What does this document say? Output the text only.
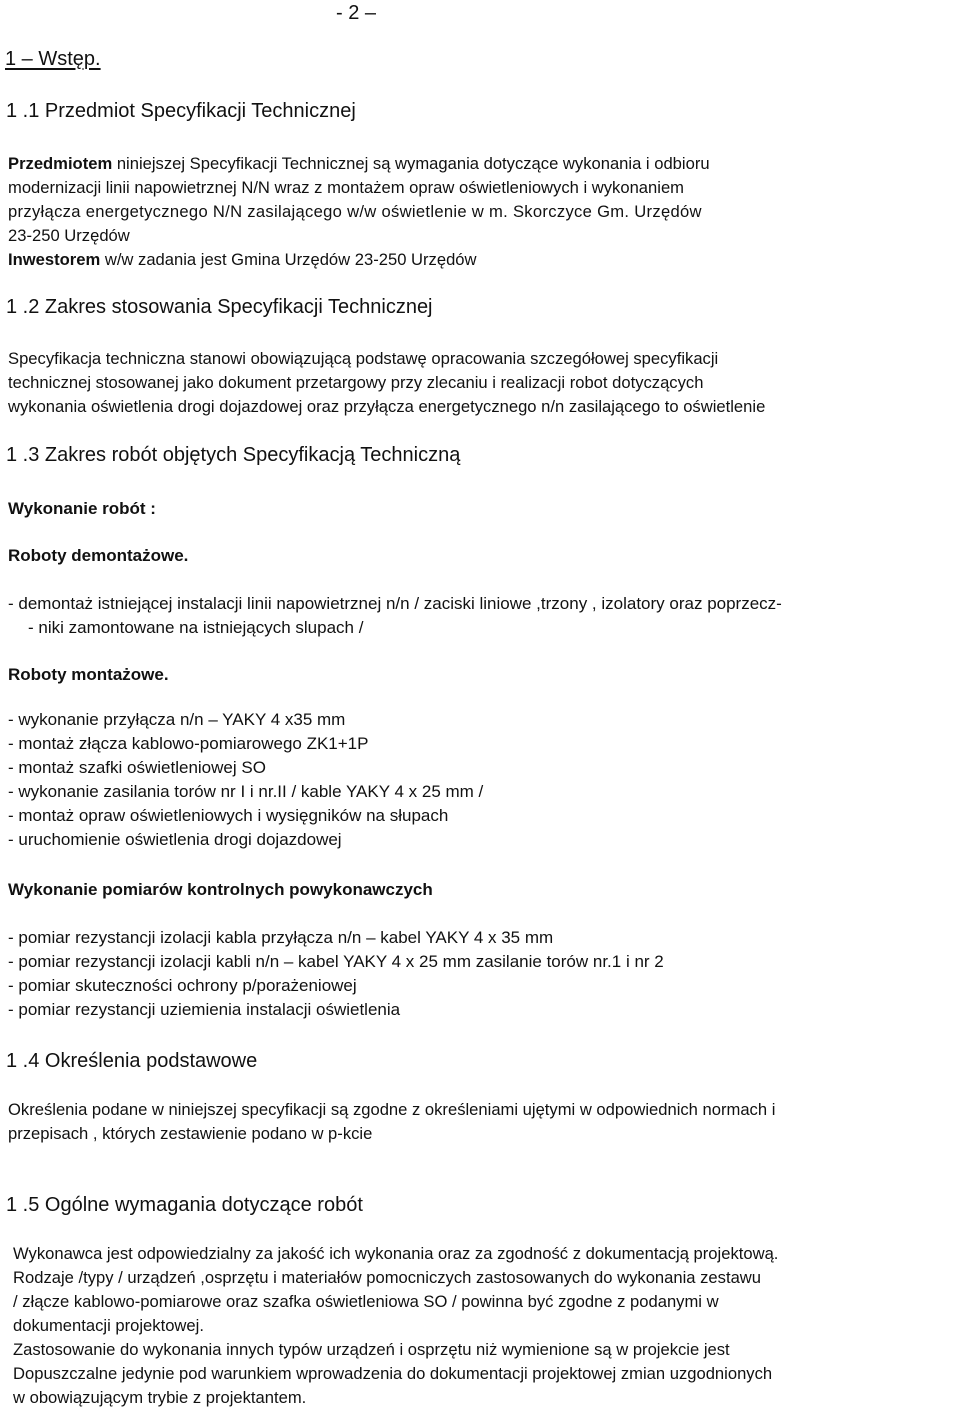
- 2 –
1 – Wstęp.
1 .1 Przedmiot Specyfikacji Technicznej
Przedmiotem niniejszej Specyfikacji Technicznej są wymagania dotyczące wykonania i odbioru
modernizacji linii napowietrznej N/N wraz z montażem opraw oświetleniowych i wykonaniem
przyłącza energetycznego N/N zasilającego w/w oświetlenie w m. Skorczyce Gm. Urzędów
23-250 Urzędów
Inwestorem w/w zadania jest Gmina Urzędów 23-250 Urzędów
1 .2 Zakres stosowania Specyfikacji Technicznej
Specyfikacja techniczna stanowi obowiązującą podstawę opracowania szczegółowej specyfikacji
technicznej stosowanej jako dokument przetargowy przy zlecaniu i realizacji robot dotyczących
wykonania oświetlenia drogi dojazdowej oraz przyłącza energetycznego n/n zasilającego to oświetlenie
1 .3 Zakres robót objętych Specyfikacją Techniczną
Wykonanie robót :
Roboty demontażowe.
- demontaż istniejącej instalacji linii napowietrznej n/n / zaciski liniowe ,trzony , izolatory oraz poprzecz-
- niki zamontowane na istniejących slupach /
Roboty montażowe.
- wykonanie przyłącza n/n – YAKY 4 x35 mm
- montaż złącza kablowo-pomiarowego ZK1+1P
- montaż szafki oświetleniowej SO
- wykonanie zasilania torów nr I i nr.II / kable YAKY 4 x 25 mm /
- montaż opraw oświetleniowych i wysięgników na słupach
- uruchomienie oświetlenia drogi dojazdowej
Wykonanie pomiarów kontrolnych powykonawczych
- pomiar rezystancji izolacji kabla przyłącza n/n – kabel YAKY 4 x 35 mm
- pomiar rezystancji izolacji kabli n/n – kabel YAKY 4 x 25 mm zasilanie torów nr.1 i nr 2
- pomiar skuteczności ochrony p/porażeniowej
- pomiar rezystancji uziemienia instalacji oświetlenia
1 .4 Określenia podstawowe
Określenia podane w niniejszej specyfikacji są zgodne z określeniami ujętymi w odpowiednich normach i
przepisach , których zestawienie podano w p-kcie
1 .5 Ogólne wymagania dotyczące robót
Wykonawca jest odpowiedzialny za jakość ich wykonania oraz za zgodność z dokumentacją projektową.
Rodzaje /typy / urządzeń ,osprzętu i materiałów pomocniczych zastosowanych do wykonania zestawu
/ złącze kablowo-pomiarowe oraz szafka oświetleniowa SO / powinna być zgodne z podanymi w
dokumentacji projektowej.
Zastosowanie do wykonania innych typów urządzeń i osprzętu niż wymienione są w projekcie jest
Dopuszczalne jedynie pod warunkiem wprowadzenia do dokumentacji projektowej zmian uzgodnionych
w obowiązującym trybie z projektantem.
